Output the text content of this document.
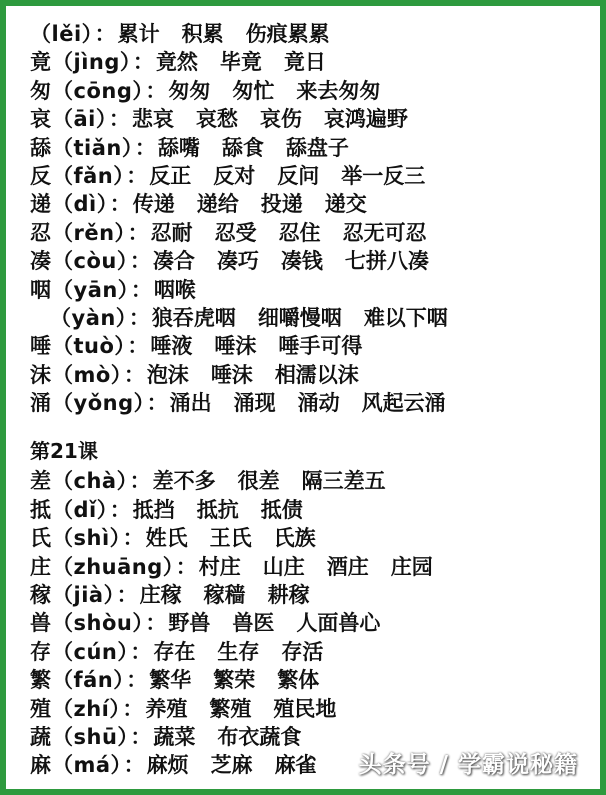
（lěi）：累计 积累 伤痕累累
竟（jìng）：竟然 毕竟 竟日
匆（cōng）：匆匆 匆忙 来去匆匆
哀（āi）：悲哀 哀愁 哀伤 哀鸿遍野
舔（tiǎn）：舔嘴 舔食 舔盘子
反（fǎn）：反正 反对 反问 举一反三
递（dì）：传递 递给 投递 递交
忍（rěn）：忍耐 忍受 忍住 忍无可忍
凑（còu）：凑合 凑巧 凑钱 七拼八凑
咽（yān）：咽喉
（yàn）：狼吞虎咽 细嚼慢咽 难以下咽
唾（tuò）：唾液 唾沫 唾手可得
沫（mò）：泡沫 唾沫 相濡以沫
涌（yǒng）：涌出 涌现 涌动 风起云涌
第21课
差（chà）：差不多 很差 隔三差五
抵（dǐ）：抵挡 抵抗 抵债
氏（shì）：姓氏 王氏 氏族
庄（zhuāng）：村庄 山庄 酒庄 庄园
稼（jià）：庄稼 稼穑 耕稼
兽（shòu）：野兽 兽医 人面兽心
存（cún）：存在 生存 存活
繁（fán）：繁华 繁荣 繁体
殖（zhí）：养殖 繁殖 殖民地
蔬（shū）：蔬菜 布衣蔬食
麻（má）：麻烦 芝麻 麻雀	头条号 / 学霸说秘籍
